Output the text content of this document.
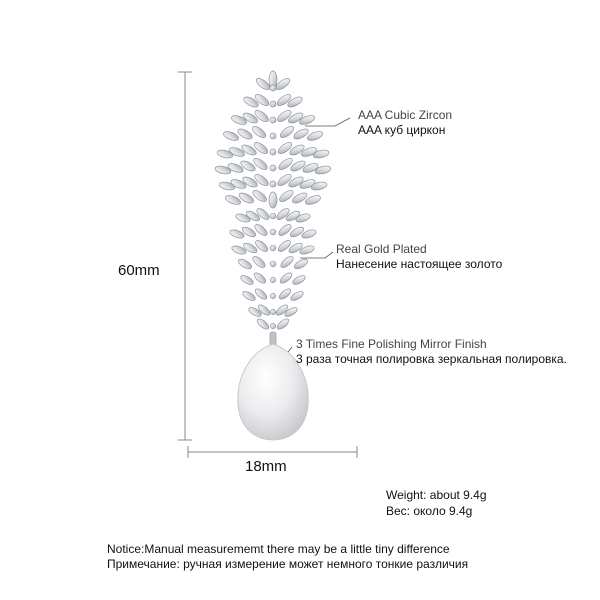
60mm
18mm
AAA Cubic Zircon
AAA куб циркон
Real Gold Plated
Нанесение настоящее золото
3 Times Fine Polishing Mirror Finish
3 раза точная полировка зеркальная полировка.
Weight: about 9.4g
Вес: около 9.4g
Notice:Manual measurememt there may be a little tiny difference
Примечание: ручная измерение может немного тонкие различия
